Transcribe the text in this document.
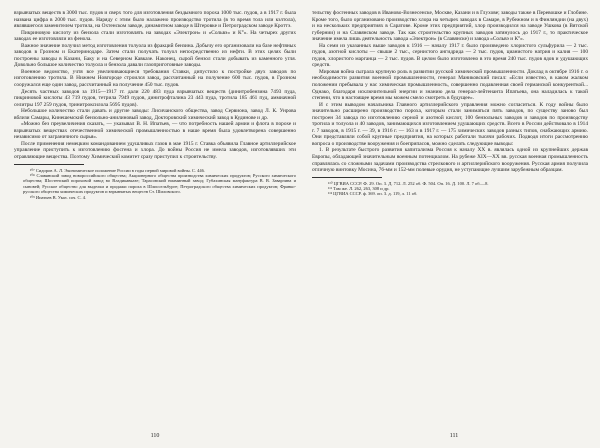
взрывчатых веществ в 3000 тыс. пудов и сверх того для изготовления бездымного пороха 1000 тыс. пудов, а в 1917 г. была названа цифра в 2000 тыс. пудов. Наряду с этим было налажено производство тротила (в то время тола или кэлтола), являвшегося заменителем тротила, на Охтенском заводе, динамитном заводе в Штеровке и Петроградском заводе Кроттэ.

Пикриновую кислоту из бензола стали изготовлять на заводах «Электрон» и «Сольвэ» и К°». На четырех других заводах ее изготовляли из фенола.

Важное значение получил метод изготовления толуола из фракций бензина. Добычу его организовали на базе нефтяных заводов в Грозном и Екатеринодаре. Затем стали получать толуол непосредственно из нефти. В этих целях были построены заводы в Казани, Баку и на Северном Кавказе. Наконец, сырой бензол стали добывать из каменного угля. Довольно большое количество толуола и бензола давали газоприготовные заводы.

Военное ведомство, учтя все увеличивающиеся требования Ставки, дипустило к постройке двух заводов по изготовлению тротила. В Нижнем Новгороде строился завод, рассчитанный на получение 600 тыс. пудов, в Грозном сооружался еще один завод, рассчитанный на получение 450 тыс. пудов.

Десять частных заводов за 1915—1917 гг. дали 220 483 пуда взрывчатых веществ (динитробензина 7493 пуда, пикриновой кислоты 43 719 пудов, тетрила 7949 пудов, динитрофталина 23 443 пуда, тротила 185 461 пуд, аммиачной селитры 197 259 пудов, тринитроксилола 5695 пудов).

Небольшое количество стали давать и другие заводы: Лисичанского общества, завод Сервиона, завод Л. К. Унрова вблизи Самары, Кинешемский бензольно-анилиновый завод, Докторовский химический завод в Кудинове и др.

«Можно без преувеличения сказать, — указывал В. Н. Ипатьев, — что потребность нашей армии и флота в порохе и взрывчатых веществах отечественной химической промышленностью в наше время была удовлетворена совершенно независимо от заграничного сырья».

После применения немецким командованием удушливых газов в мае 1915 г. Ставка объявила Главное артиллерийское управление приступить к изготовлению фосгена и хлора. До войны Россия не имела заводов, изготовлявших эти отравляющие вещества. Поэтому Химический комитет сразу приступил к строительству.

¹⁰⁷ Сидоров А. Л. Экономическое положение России в годы первой мировой войны. С. 446.

¹⁰⁸ Славянский завод новороссийского общества; Акционерного общества производства химических продуктов; Русского химического общества; Шостенский пороховой завод во Владикавказе; Тарасовский ниаминный завод; Губахинская мануфактура В. В. Заварзина и сыновей; Русское общество для выделки и продажи пороха в Шлиссельбурге; Петроградского общества химических продуктов; Франко-русского общества химических продуктов и взрывчатых веществ Ст. Шиловского.

¹⁰⁹ Ипатьев В. Указ. соч. С. 4.

тельству фосгенных заводов в Иваново-Вознесенске, Москве, Казани и в Глухове; заводы также в Перевошке и Глобине. Кроме того, было организовано производство хлора на четырех заводах в Самаре, в Рубежном и в Финляндии (на двух) и на нескольких предприятиях в Саратове. Кроме этих предприятий, хлор производился на заводе Ушкова (в Вятской губернии) и на Славянском заводе. Так как строительство крупных заводов затянулось до 1917 г., то практическое значение имела лишь деятельность завода «Электрон» (в Славянске) и завода «Сольвэ и К°».

На семи из указанных выше заводов к 1916 — началу 1917 г. было произведено хлористого сульфурила — 2 тыс. пудов, азотной кислоты — свыше 2 тыс., сернистого ангидрида — 2 тыс. пудов, цианистого натрия и калия — 100 пудов, хлористого марганца — 2 тыс. пудов. В целом было изготовлено в это время 240 тыс. пудов ядов и удушающих средств.

Мировая война сыграла крупную роль в развитии русской химической промышленности. Доклад в октябре 1916 г. о необходимости развития военной промышленности, генерал Маниковский писал: «Если известно, в каком жалком положении пребывала у нас химическая промышленность, совершенно подавленная своей германской конкуренткой... Однако, благодаря исключительной энергии и знанию дела генерал-лейтенанта Ипатьева, она наладилась к такой степени, что в настоящее время мы можем смело смотреть в будущее».

И с этим выводом начальника Главного артиллерийского управления можно согласиться. К году войны было значительно расширено производство пороха, которым стали заниматься пять заводов, по существу заново был построен 34 завода по изготовлению серной и азотной кислот, 100 бензольных заводов и заводов по производству тротила и толуола и 40 заводов, занимающихся изготовлением удушающих средств. Всего в России действовало в 1914 г. 7 заводов, в 1915 г. — 39, в 1916 г. — 163 и в 1917 г. — 175 химических заводов разных типов, снабжающих армию. Они представляли собой крупные предприятия, на которых работали тысячи рабочих. Подводя итоги рассмотрению вопроса о производстве вооружения и боеприпасов, можно сделать следующие выводы:

1. В результате быстрого развития капитализма Россия к началу XX в. являлась одной из крупнейших держав Европы, обладающей значительным военным потенциалом. На рубеже XIX—XX вв. русская военная промышленность справлялась со сложными задачами производства стрелкового и артиллерийского вооружения. Русская армия получила отличную винтовку Мосина, 76-мм и 152-мм полевые орудия, не уступающие лучшим зарубежным образцам.

¹¹⁰ ЦГВИА СССР. Ф. 29. Оп. 3. Д. 712. Л. 252 об. Ф. 504. Оп. 16. Д. 100. Л. 7 об.—8.

¹¹¹ Там же. Л. 262, 263, 308 и др.

¹¹² ЦГВИА СССР. ф. 369. оп. 3. д. 119, л. 11 об.

110	111
